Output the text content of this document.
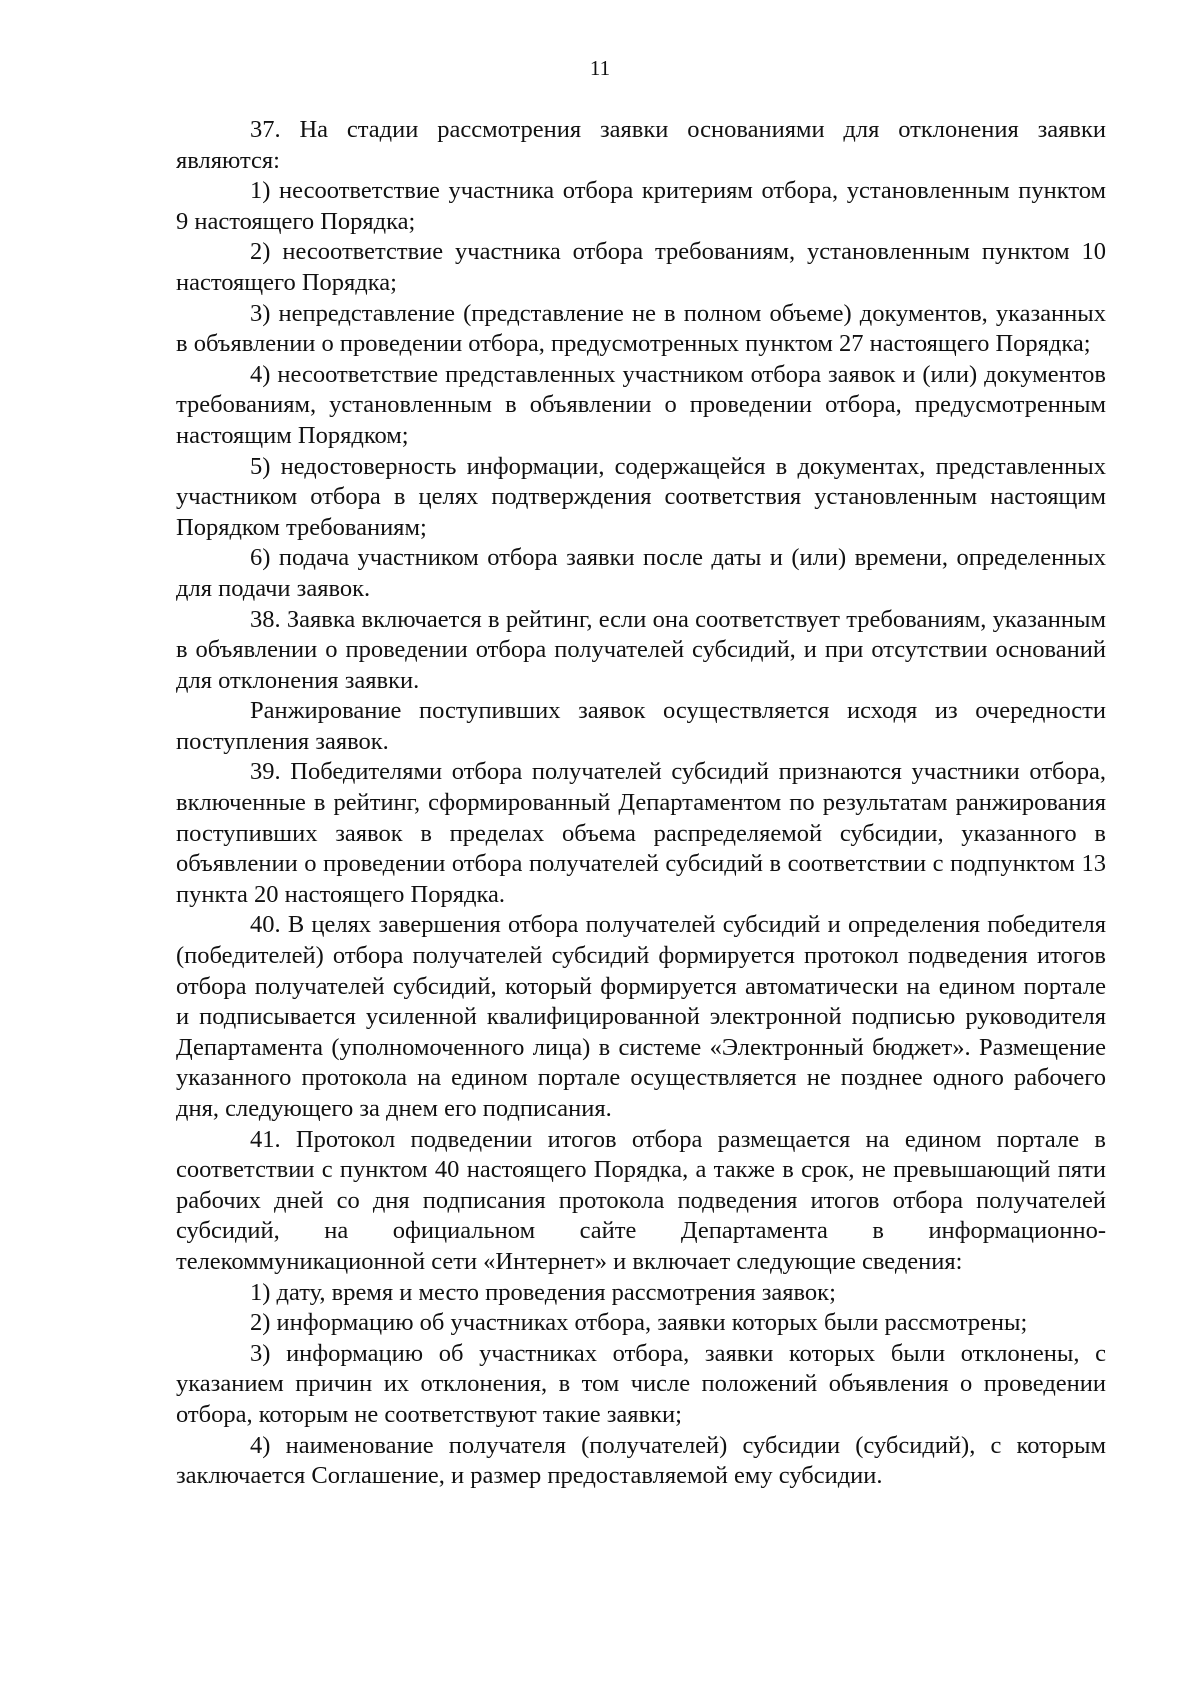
11

37. На стадии рассмотрения заявки основаниями для отклонения заявки являются:

1) несоответствие участника отбора критериям отбора, установленным пунктом 9 настоящего Порядка;

2) несоответствие участника отбора требованиям, установленным пунктом 10 настоящего Порядка;

3) непредставление (представление не в полном объеме) документов, указанных в объявлении о проведении отбора, предусмотренных пунктом 27 настоящего Порядка;

4) несоответствие представленных участником отбора заявок и (или) документов требованиям, установленным в объявлении о проведении отбора, предусмотренным настоящим Порядком;

5) недостоверность информации, содержащейся в документах, представленных участником отбора в целях подтверждения соответствия установленным настоящим Порядком требованиям;

6) подача участником отбора заявки после даты и (или) времени, определенных для подачи заявок.

38. Заявка включается в рейтинг, если она соответствует требованиям, указанным в объявлении о проведении отбора получателей субсидий, и при отсутствии оснований для отклонения заявки.

Ранжирование поступивших заявок осуществляется исходя из очередности поступления заявок.

39. Победителями отбора получателей субсидий признаются участники отбора, включенные в рейтинг, сформированный Департаментом по результатам ранжирования поступивших заявок в пределах объема распределяемой субсидии, указанного в объявлении о проведении отбора получателей субсидий в соответствии с подпунктом 13 пункта 20 настоящего Порядка.

40. В целях завершения отбора получателей субсидий и определения победителя (победителей) отбора получателей субсидий формируется протокол подведения итогов отбора получателей субсидий, который формируется автоматически на едином портале и подписывается усиленной квалифицированной электронной подписью руководителя Департамента (уполномоченного лица) в системе «Электронный бюджет». Размещение указанного протокола на едином портале осуществляется не позднее одного рабочего дня, следующего за днем его подписания.

41. Протокол подведении итогов отбора размещается на едином портале в соответствии с пунктом 40 настоящего Порядка, а также в срок, не превышающий пяти рабочих дней со дня подписания протокола подведения итогов отбора получателей субсидий, на официальном сайте Департамента в информационно-телекоммуникационной сети «Интернет» и включает следующие сведения:

1) дату, время и место проведения рассмотрения заявок;

2) информацию об участниках отбора, заявки которых были рассмотрены;

3) информацию об участниках отбора, заявки которых были отклонены, с указанием причин их отклонения, в том числе положений объявления о проведении отбора, которым не соответствуют такие заявки;

4) наименование получателя (получателей) субсидии (субсидий), с которым заключается Соглашение, и размер предоставляемой ему субсидии.
